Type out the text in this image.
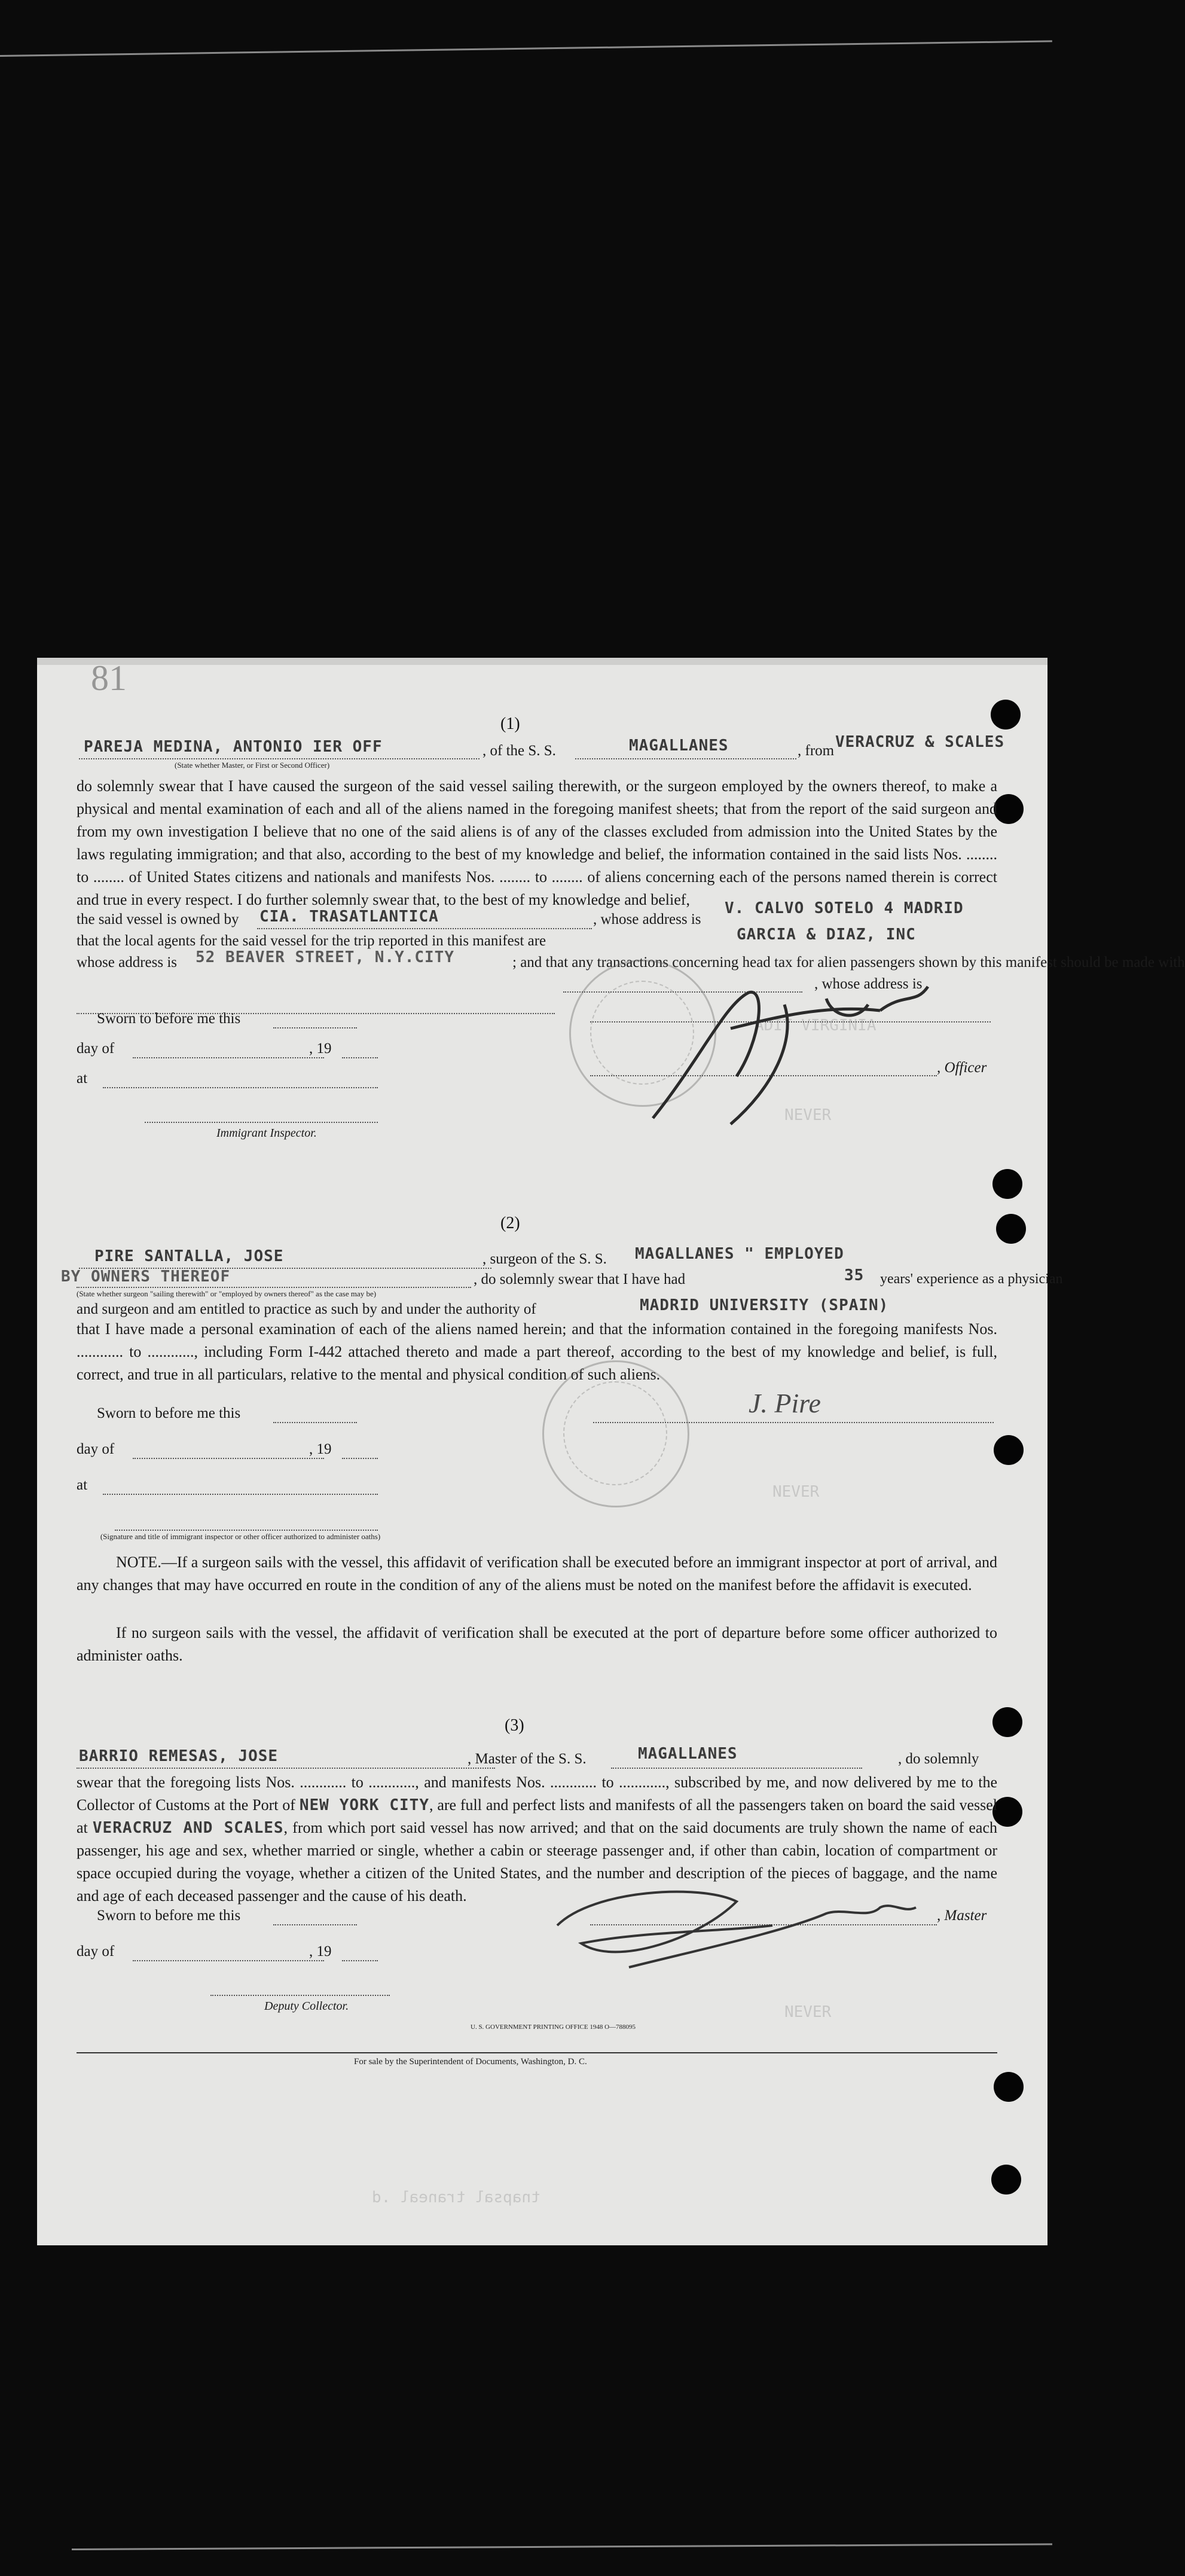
81
ADIT VIRGINIA
NEVER
NEVER
NEVER
(1)
PAREJA MEDINA, ANTONIO IER OFF
(State whether Master, or First or Second Officer)
, of the S. S.	MAGALLANES	, from VERACRUZ & SCALES

do solemnly swear that I have caused the surgeon of the said vessel sailing therewith, or the surgeon employed by the owners thereof, to make a physical and mental examination of each and all of the aliens named in the foregoing manifest sheets; that from the report of the said surgeon and from my own investigation I believe that no one of the said aliens is of any of the classes excluded from admission into the United States by the laws regulating immigration; and that also, according to the best of my knowledge and belief, the information contained in the said lists Nos. ........ to ........ of United States citizens and nationals and manifests Nos. ........ to ........ of aliens concerning each of the persons named therein is correct and true in every respect. I do further solemnly swear that, to the best of my knowledge and belief,

the said vessel is owned by CIA. TRASATLANTICA	, whose address is
V. CALVO SOTELO 4 MADRID
that the local agents for the said vessel for the trip reported in this manifest are	GARCIA & DIAZ, INC
whose address is 52 BEAVER STREET, N.Y.CITY	; and that any transactions concerning head tax for alien passengers shown by this manifest should be made with
, whose address is
Sworn to before me this
day of	, 19
at
Immigrant Inspector.
, Officer
(2)
PIRE SANTALLA, JOSE	, surgeon of the S. S. MAGALLANES " EMPLOYED
BY OWNERS THEREOF
(State whether surgeon "sailing therewith" or "employed by owners thereof" as the case may be)
, do solemnly swear that I have had	35 years' experience as a physician
and surgeon and am entitled to practice as such by and under the authority of	MADRID UNIVERSITY (SPAIN)

that I have made a personal examination of each of the aliens named herein; and that the information contained in the foregoing manifests Nos. ............ to ............, including Form I-442 attached thereto and made a part thereof, according to the best of my knowledge and belief, is full, correct, and true in all particulars, relative to the mental and physical condition of such aliens.

Sworn to before me this
day of	, 19
at
(Signature and title of immigrant inspector or other officer authorized to administer oaths)
J. Pire

NOTE.—If a surgeon sails with the vessel, this affidavit of verification shall be executed before an immigrant inspector at port of arrival, and any changes that may have occurred en route in the condition of any of the aliens must be noted on the manifest before the affidavit is executed.

If no surgeon sails with the vessel, the affidavit of verification shall be executed at the port of departure before some officer authorized to administer oaths.

(3)
BARRIO REMESAS, JOSE	, Master of the S. S.	MAGALLANES	, do solemnly

swear that the foregoing lists Nos. ............ to ............, and manifests Nos. ............ to ............, subscribed by me, and now delivered by me to the Collector of Customs at the Port of NEW YORK CITY, are full and perfect lists and manifests of all the passengers taken on board the said vessel at VERACRUZ AND SCALES, from which port said vessel has now arrived; and that on the said documents are truly shown the name of each passenger, his age and sex, whether married or single, whether a cabin or steerage passenger and, if other than cabin, location of compartment or space occupied during the voyage, whether a citizen of the United States, and the number and description of the pieces of baggage, and the name and age of each deceased passenger and the cause of his death.

Sworn to before me this	, Master
day of	, 19
Deputy Collector.
U. S. GOVERNMENT PRINTING OFFICE 1948 O—788095
For sale by the Superintendent of Documents, Washington, D. C.
tnapsal traneal .d
